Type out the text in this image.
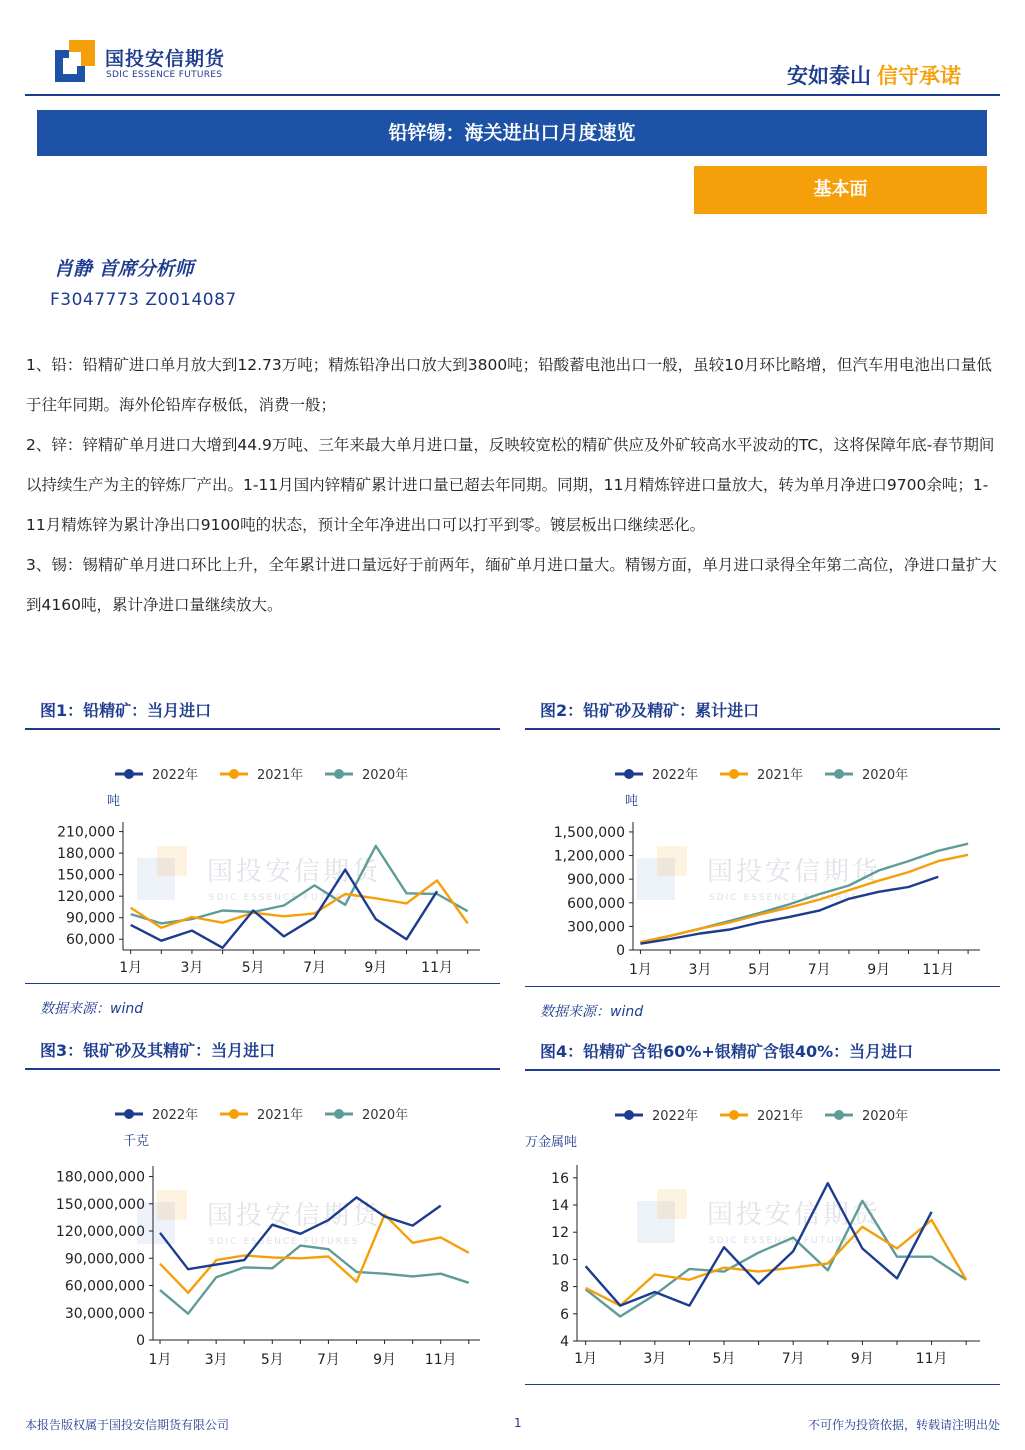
国投安信期货
SDIC ESSENCE FUTURES	安如泰山 信守承诺
铅锌锡：海关进出口月度速览
基本面
肖静 首席分析师
F3047773 Z0014087

1、铅：铅精矿进口单月放大到12.73万吨；精炼铅净出口放大到3800吨；铅酸蓄电池出口一般，虽较10月环比略增，但汽车用电池出口量低于往年同期。海外伦铅库存极低，消费一般；

2、锌：锌精矿单月进口大增到44.9万吨、三年来最大单月进口量，反映较宽松的精矿供应及外矿较高水平波动的TC，这将保障年底-春节期间以持续生产为主的锌炼厂产出。1-11月国内锌精矿累计进口量已超去年同期。同期，11月精炼锌进口量放大，转为单月净进口9700余吨；1-11月精炼锌为累计净出口9100吨的状态，预计全年净进出口可以打平到零。镀层板出口继续恶化。

3、锡：锡精矿单月进口环比上升，全年累计进口量远好于前两年，缅矿单月进口量大。精锡方面，单月进口录得全年第二高位，净进口量扩大到4160吨，累计净进口量继续放大。

图1：铅精矿：当月进口
国投安信期货
SDIC ESSENCE FUTURES
2022年	2021年	2020年
吨
60,000
90,000
120,000
150,000
180,000
210,000
1月	3月	5月	7月	9月 11月
数据来源：wind
图2：铅矿砂及精矿：累计进口
国投安信期货
SDIC ESSENCE FUTURES
2022年	2021年	2020年
吨
0
300,000
600,000
900,000
1,200,000
1,500,000
1月	3月	5月	7月	9月 11月
数据来源：wind
图3：银矿砂及其精矿：当月进口
国投安信期货
SDIC ESSENCE FUTURES
2022年	2021年	2020年
千克
0
30,000,000
60,000,000
90,000,000
120,000,000
150,000,000
180,000,000
1月 3月 5月 7月 9月 11月
图4：铅精矿含铅60%+银精矿含银40%：当月进口
国投安信期货
SDIC ESSENCE FUTURES
2022年	2021年	2020年
万金属吨
4
6
8
10
12
14
16
1月	3月	5月	7月	9月	11月
本报告版权属于国投安信期货有限公司	1	不可作为投资依据，转载请注明出处
